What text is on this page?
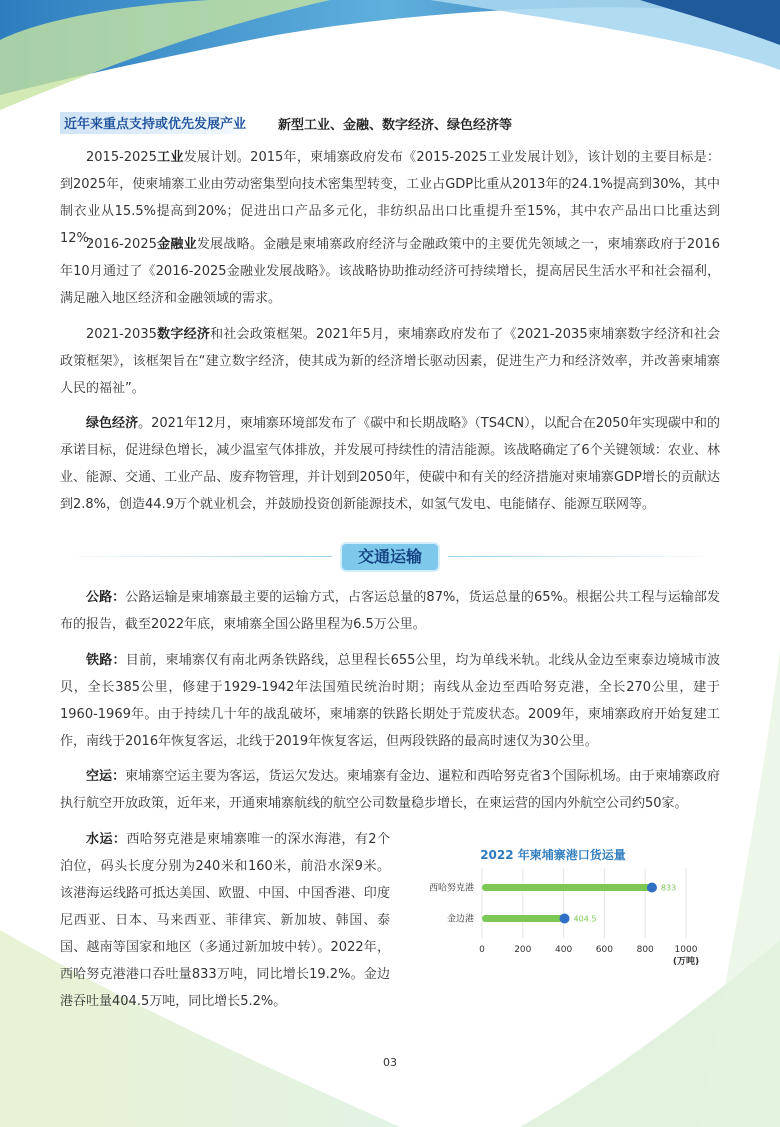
近年来重点支持或优先发展产业	新型工业、金融、数字经济、绿色经济等

2015-2025工业发展计划。2015年，柬埔寨政府发布《2015-2025工业发展计划》，该计划的主要目标是：到2025年，使柬埔寨工业由劳动密集型向技术密集型转变，工业占GDP比重从2013年的24.1%提高到30%，其中制衣业从15.5%提高到20%；促进出口产品多元化，非纺织品出口比重提升至15%，其中农产品出口比重达到12%。

2016-2025金融业发展战略。金融是柬埔寨政府经济与金融政策中的主要优先领域之一，柬埔寨政府于2016年10月通过了《2016-2025金融业发展战略》。该战略协助推动经济可持续增长，提高居民生活水平和社会福利，满足融入地区经济和金融领域的需求。

2021-2035数字经济和社会政策框架。2021年5月，柬埔寨政府发布了《2021-2035柬埔寨数字经济和社会政策框架》，该框架旨在“建立数字经济，使其成为新的经济增长驱动因素，促进生产力和经济效率，并改善柬埔寨人民的福祉”。

绿色经济。2021年12月，柬埔寨环境部发布了《碳中和长期战略》（TS4CN），以配合在2050年实现碳中和的承诺目标，促进绿色增长，减少温室气体排放，并发展可持续性的清洁能源。该战略确定了6个关键领域：农业、林业、能源、交通、工业产品、废弃物管理，并计划到2050年，使碳中和有关的经济措施对柬埔寨GDP增长的贡献达到2.8%，创造44.9万个就业机会，并鼓励投资创新能源技术，如氢气发电、电能储存、能源互联网等。

交通运输

公路：公路运输是柬埔寨最主要的运输方式，占客运总量的87%，货运总量的65%。根据公共工程与运输部发布的报告，截至2022年底，柬埔寨全国公路里程为6.5万公里。

铁路：目前，柬埔寨仅有南北两条铁路线，总里程长655公里，均为单线米轨。北线从金边至柬泰边境城市波贝，全长385公里，修建于1929-1942年法国殖民统治时期；南线从金边至西哈努克港，全长270公里，建于1960-1969年。由于持续几十年的战乱破坏，柬埔寨的铁路长期处于荒废状态。2009年，柬埔寨政府开始复建工作，南线于2016年恢复客运，北线于2019年恢复客运，但两段铁路的最高时速仅为30公里。

空运：柬埔寨空运主要为客运，货运欠发达。柬埔寨有金边、暹粒和西哈努克省3个国际机场。由于柬埔寨政府执行航空开放政策，近年来，开通柬埔寨航线的航空公司数量稳步增长，在柬运营的国内外航空公司约50家。

水运：西哈努克港是柬埔寨唯一的深水海港，有2个泊位，码头长度分别为240米和160米，前沿水深9米。该港海运线路可抵达美国、欧盟、中国、中国香港、印度尼西亚、日本、马来西亚、菲律宾、新加坡、韩国、泰国、越南等国家和地区（多通过新加坡中转）。2022年，西哈努克港港口吞吐量833万吨，同比增长19.2%。金边港吞吐量404.5万吨，同比增长5.2%。

2022 年柬埔寨港口货运量
0	200	400	600	800 1000
(万吨)
西哈努克港	833
金边港	404.5
03
